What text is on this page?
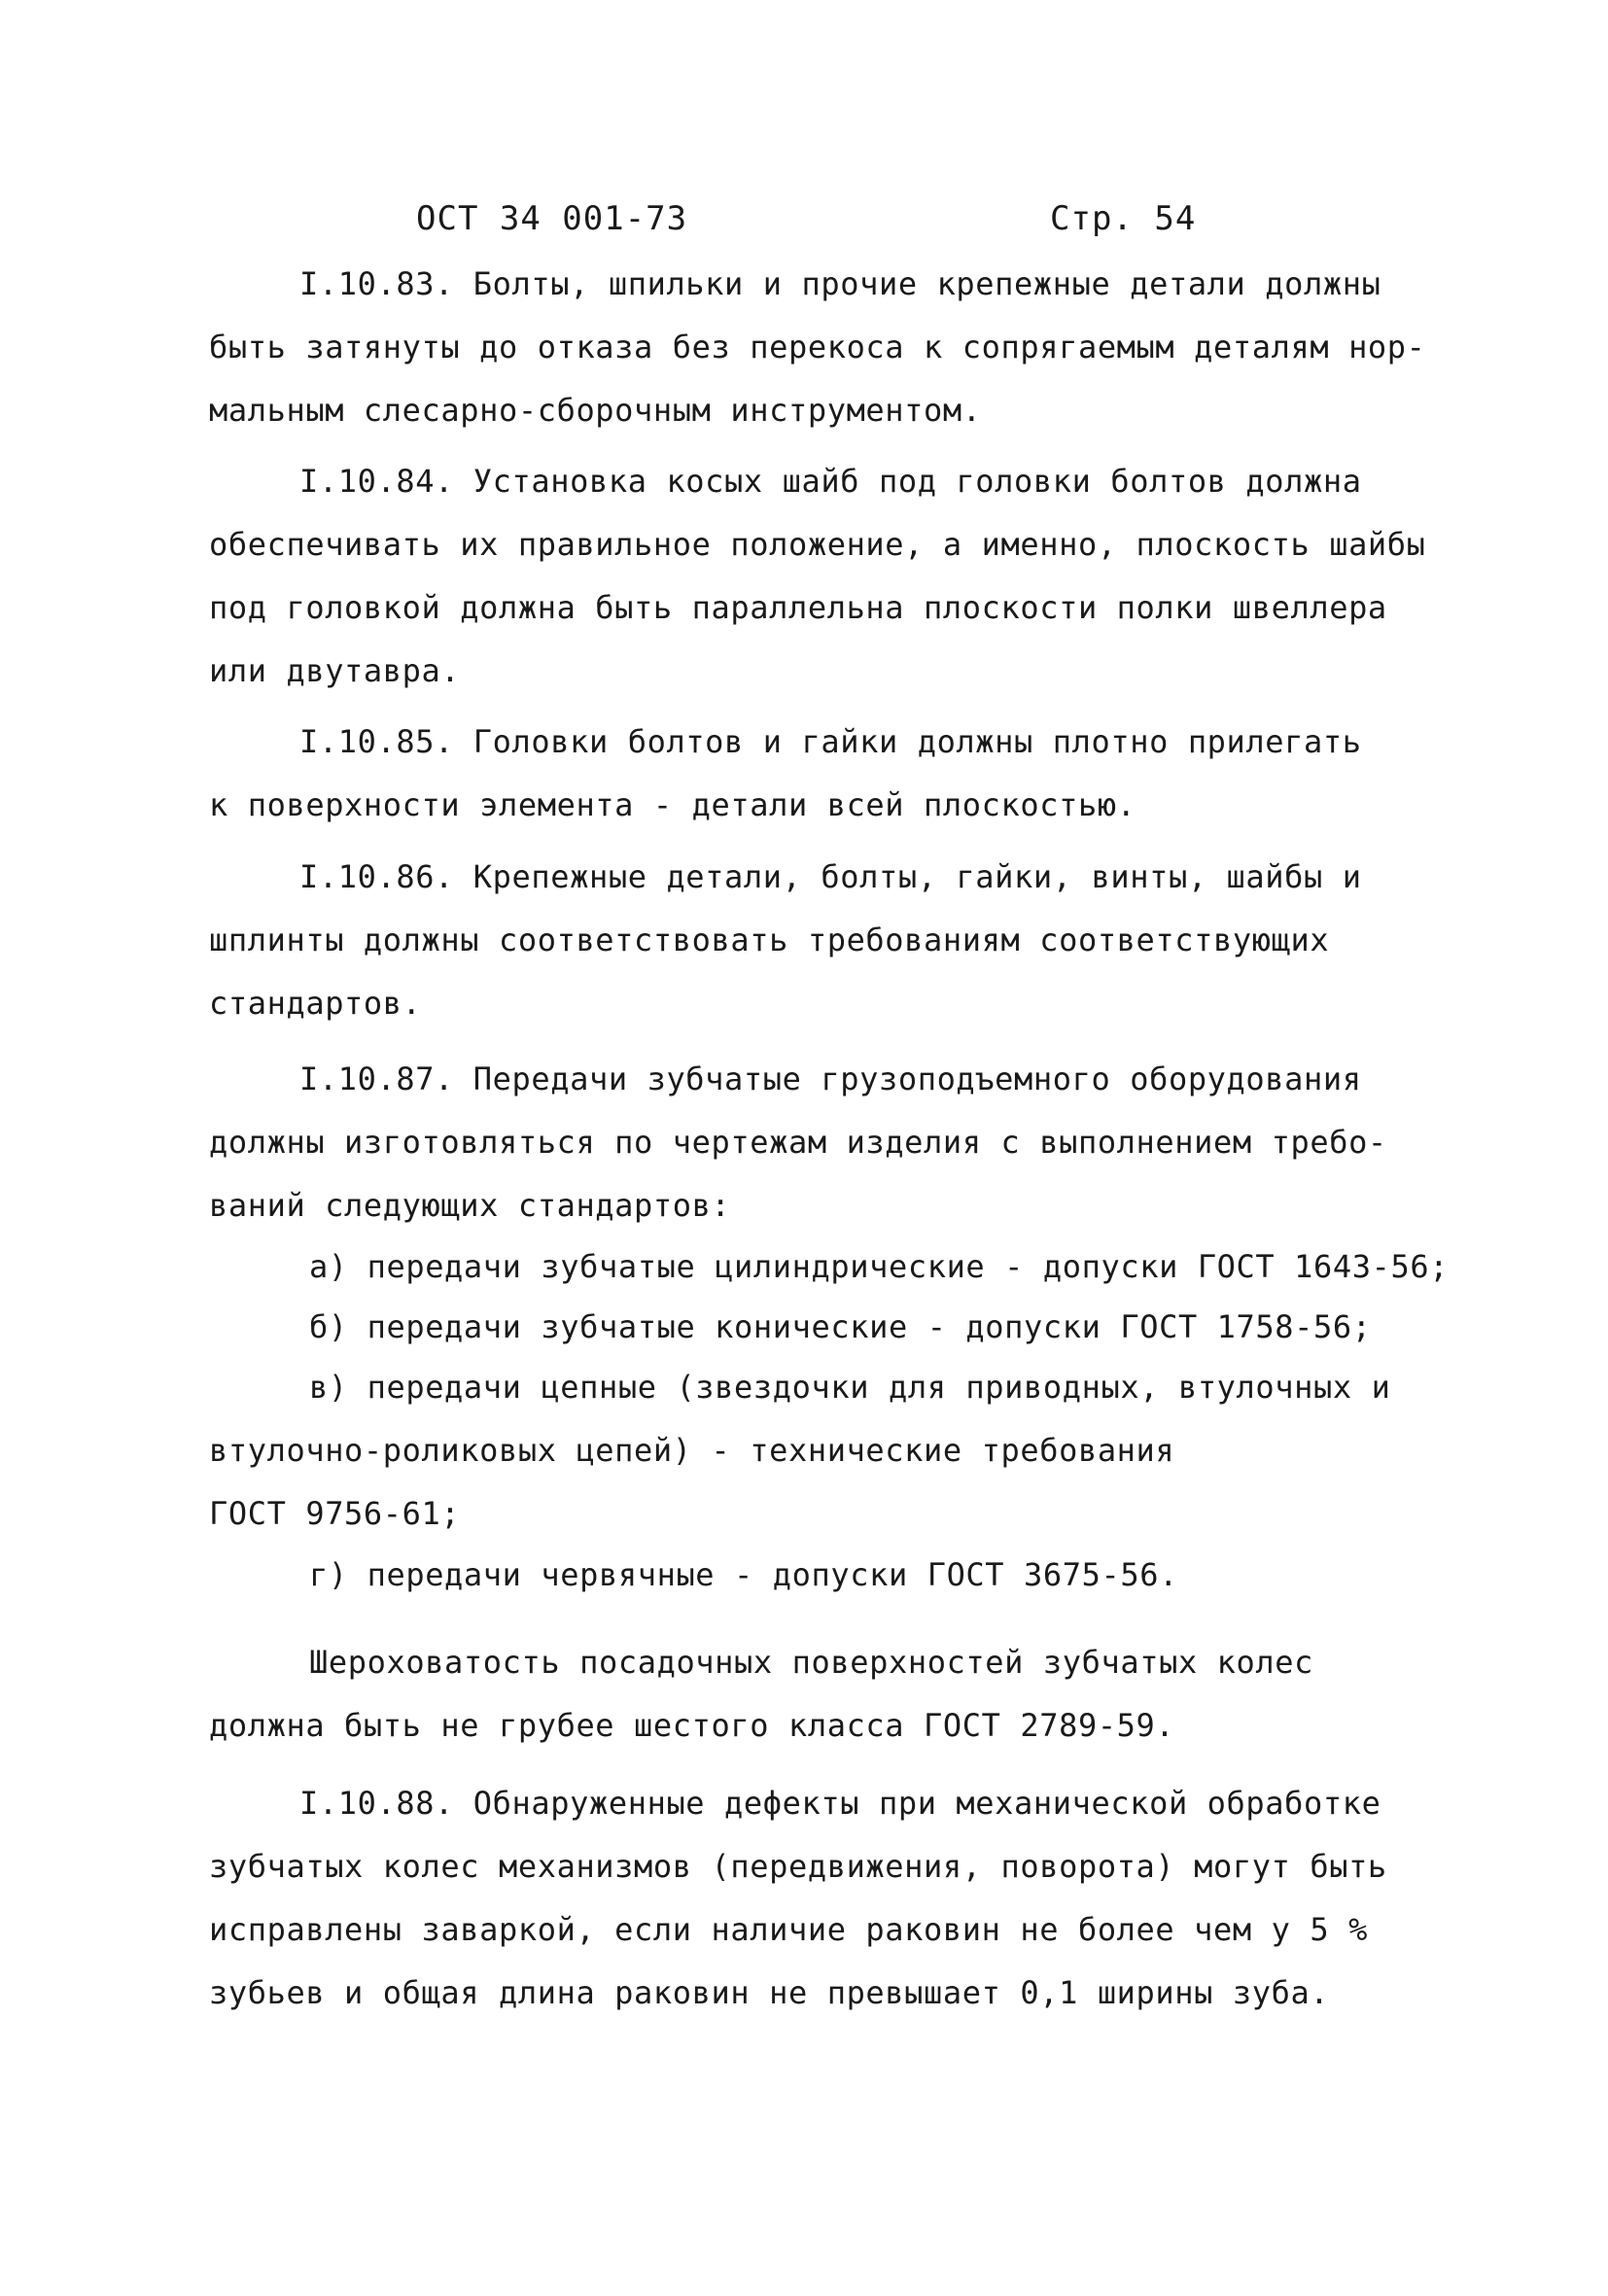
ОСТ 34 001-73	Стр. 54
I.10.83. Болты, шпильки и прочие крепежные детали должны
быть затянуты до отказа без перекоса к сопрягаемым деталям нор-
мальным слесарно-сборочным инструментом.
I.10.84. Установка косых шайб под головки болтов должна
обеспечивать их правильное положение, а именно, плоскость шайбы
под головкой должна быть параллельна плоскости полки швеллера
или двутавра.
I.10.85. Головки болтов и гайки должны плотно прилегать
к поверхности элемента - детали всей плоскостью.
I.10.86. Крепежные детали, болты, гайки, винты, шайбы и
шплинты должны соответствовать требованиям соответствующих
стандартов.
I.10.87. Передачи зубчатые грузоподъемного оборудования
должны изготовляться по чертежам изделия с выполнением требо-
ваний следующих стандартов:
а) передачи зубчатые цилиндрические - допуски ГОСТ 1643-56;
б) передачи зубчатые конические - допуски ГОСТ 1758-56;
в) передачи цепные (звездочки для приводных, втулочных и
втулочно-роликовых цепей) - технические требования
ГОСТ 9756-61;
г) передачи червячные - допуски ГОСТ 3675-56.
Шероховатость посадочных поверхностей зубчатых колес
должна быть не грубее шестого класса ГОСТ 2789-59.
I.10.88. Обнаруженные дефекты при механической обработке
зубчатых колес механизмов (передвижения, поворота) могут быть
исправлены заваркой, если наличие раковин не более чем у 5 %
зубьев и общая длина раковин не превышает 0,1 ширины зуба.
